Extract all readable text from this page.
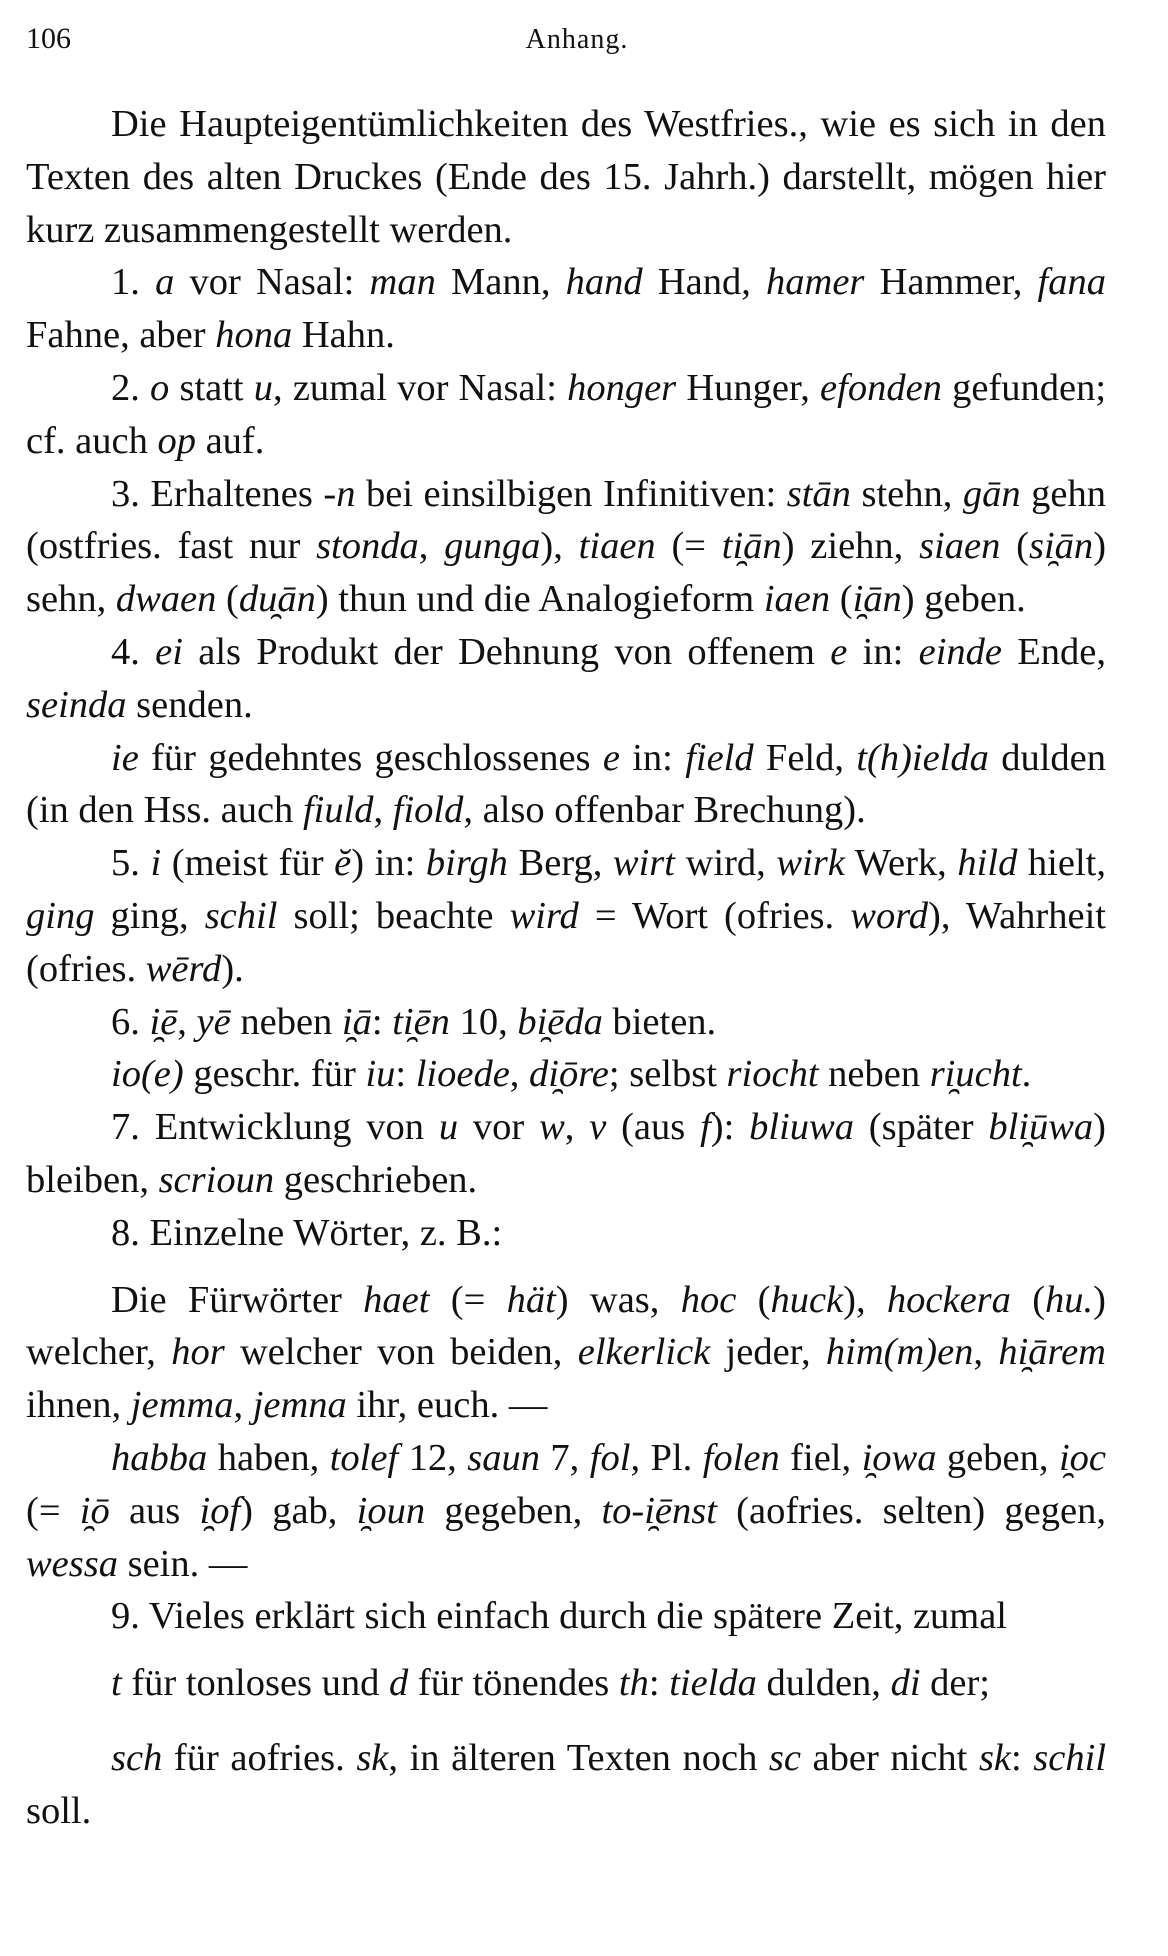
106	Anhang.

Die Haupteigentümlichkeiten des Westfries., wie es sich in den Texten des alten Druckes (Ende des 15. Jahrh.) darstellt, mögen hier kurz zusammengestellt werden.

1. a vor Nasal: man Mann, hand Hand, hamer Hammer, fana Fahne, aber hona Hahn.

2. o statt u, zumal vor Nasal: honger Hunger, efonden gefunden; cf. auch op auf.

3. Erhaltenes -n bei einsilbigen Infinitiven: stān stehn, gān gehn (ostfries. fast nur stonda, gunga), tiaen (= ti̯ān) ziehn, siaen (si̯ān) sehn, dwaen (du̯ān) thun und die Analogieform iaen (i̯ān) geben.

4. ei als Produkt der Dehnung von offenem e in: einde Ende, seinda senden.

ie für gedehntes geschlossenes e in: field Feld, t(h)ielda dulden (in den Hss. auch fiuld, fiold, also offenbar Brechung).

5. i (meist für ĕ) in: birgh Berg, wirt wird, wirk Werk, hild hielt, ging ging, schil soll; beachte wird = Wort (ofries. word), Wahrheit (ofries. wērd).

6. i̯ē, yē neben i̯ā: ti̯ēn 10, bi̯ēda bieten.

io(e) geschr. für iu: lioede, di̯ōre; selbst riocht neben ri̯ucht.

7. Entwicklung von u vor w, v (aus f): bliuwa (später bli̯ūwa) bleiben, scrioun geschrieben.

8. Einzelne Wörter, z. B.:

Die Fürwörter haet (= hät) was, hoc (huck), hockera (hu.) welcher, hor welcher von beiden, elkerlick jeder, him(m)en, hi̯ārem ihnen, jemma, jemna ihr, euch. —

habba haben, tolef 12, saun 7, fol, Pl. folen fiel, i̯owa geben, i̯oc (= i̯ō aus i̯of) gab, i̯oun gegeben, to-i̯ēnst (aofries. selten) gegen, wessa sein. —

9. Vieles erklärt sich einfach durch die spätere Zeit, zumal

t für tonloses und d für tönendes th: tielda dulden, di der;

sch für aofries. sk, in älteren Texten noch sc aber nicht sk: schil soll.
